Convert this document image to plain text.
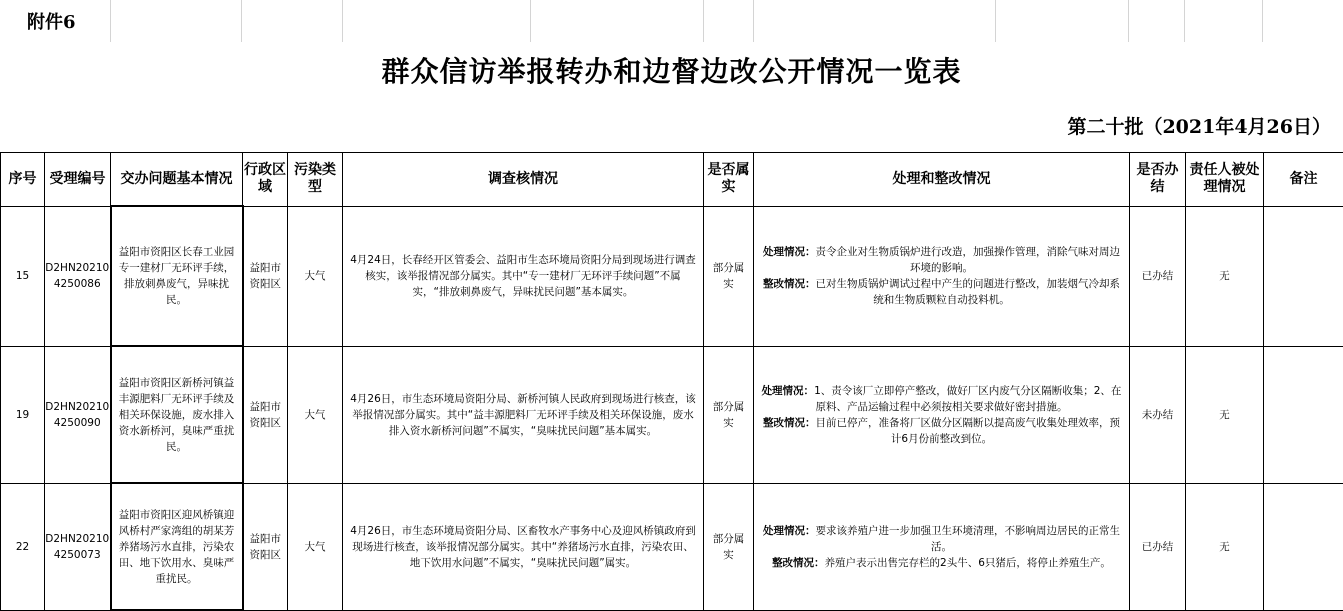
附件6
群众信访举报转办和边督边改公开情况一览表
第二十批（2021年4月26日）
序号	受理编号	交办问题基本情况	行政区域	污染类型	调查核情况	是否属实	处理和整改情况	是否办结	责任人被处理情况	备注
15	D2HN202104250086	益阳市资阳区长春工业园专一建材厂无环评手续，排放刺鼻废气，异味扰民。	益阳市资阳区	大气	4月24日，长春经开区管委会、益阳市生态环境局资阳分局到现场进行调查核实，该举报情况部分属实。其中“专一建材厂无环评手续问题”不属实，“排放刺鼻废气，异味扰民问题”基本属实。	部分属实	处理情况：责令企业对生物质锅炉进行改造，加强操作管理，消除气味对周边环境的影响。
整改情况：已对生物质锅炉调试过程中产生的问题进行整改，加装烟气冷却系统和生物质颗粒自动投料机。	已办结	无	
19	D2HN202104250090	益阳市资阳区新桥河镇益丰源肥料厂无环评手续及相关环保设施，废水排入资水新桥河，臭味严重扰民。	益阳市资阳区	大气	4月26日，市生态环境局资阳分局、新桥河镇人民政府到现场进行核查，该举报情况部分属实。其中“益丰源肥料厂无环评手续及相关环保设施，废水排入资水新桥河问题”不属实，“臭味扰民问题”基本属实。	部分属实	处理情况：1、责令该厂立即停产整改，做好厂区内废气分区隔断收集；2、在原料、产品运输过程中必须按相关要求做好密封措施。
整改情况：目前已停产，准备将厂区做分区隔断以提高废气收集处理效率，预计6月份前整改到位。	未办结	无	
22	D2HN202104250073	益阳市资阳区迎风桥镇迎风桥村严家湾组的胡某芳养猪场污水直排，污染农田、地下饮用水、臭味严重扰民。	益阳市资阳区	大气	4月26日，市生态环境局资阳分局、区畜牧水产事务中心及迎风桥镇政府到现场进行核查，该举报情况部分属实。其中“养猪场污水直排，污染农田、地下饮用水问题”不属实，“臭味扰民问题”属实。	部分属实	处理情况：要求该养殖户进一步加强卫生环境清理，不影响周边居民的正常生活。
整改情况：养殖户表示出售完存栏的2头牛、6只猪后，将停止养殖生产。	已办结	无	
